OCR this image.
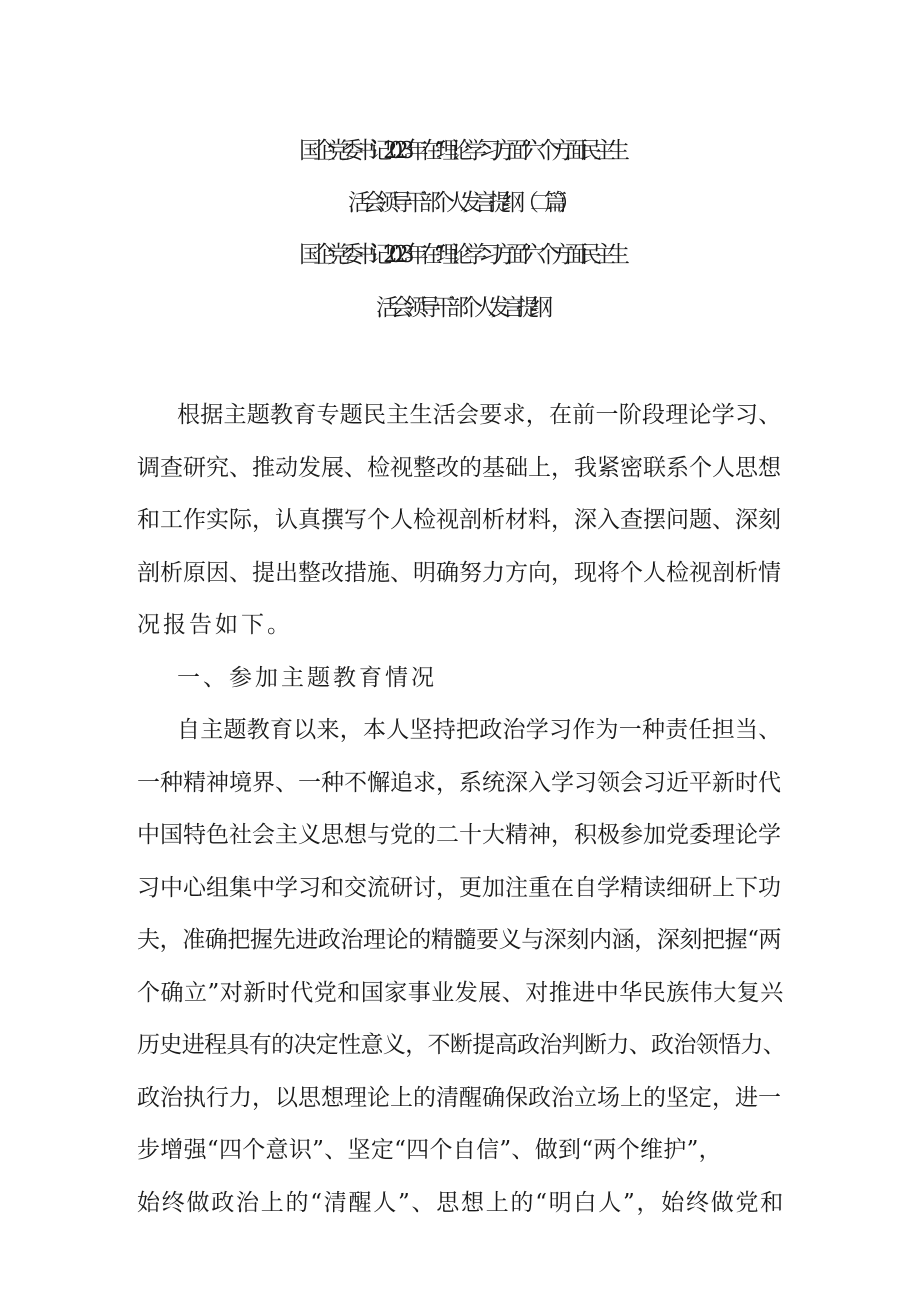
国企党委书记2023年在“理论学习方面”六个方面民主生

活会领导干部个人发言提纲（二篇）

国企党委书记2023年在“理论学习方面”六个方面民主生

活会领导干部个人发言提纲

根据主题教育专题民主生活会要求，在前一阶段理论学习、
调查研究、推动发展、检视整改的基础上，我紧密联系个人思想
和工作实际，认真撰写个人检视剖析材料，深入查摆问题、深刻
剖析原因、提出整改措施、明确努力方向，现将个人检视剖析情
况报告如下。
一、参加主题教育情况
自主题教育以来，本人坚持把政治学习作为一种责任担当、
一种精神境界、一种不懈追求，系统深入学习领会习近平新时代
中国特色社会主义思想与党的二十大精神，积极参加党委理论学
习中心组集中学习和交流研讨，更加注重在自学精读细研上下功
夫，准确把握先进政治理论的精髓要义与深刻内涵，深刻把握“两
个确立”对新时代党和国家事业发展、对推进中华民族伟大复兴
历史进程具有的决定性意义，不断提高政治判断力、政治领悟力、
政治执行力，以思想理论上的清醒确保政治立场上的坚定，进一
步增强“四个意识”、坚定“四个自信”、做到“两个维护”，
始终做政治上的“清醒人”、思想上的“明白人”，始终做党和
